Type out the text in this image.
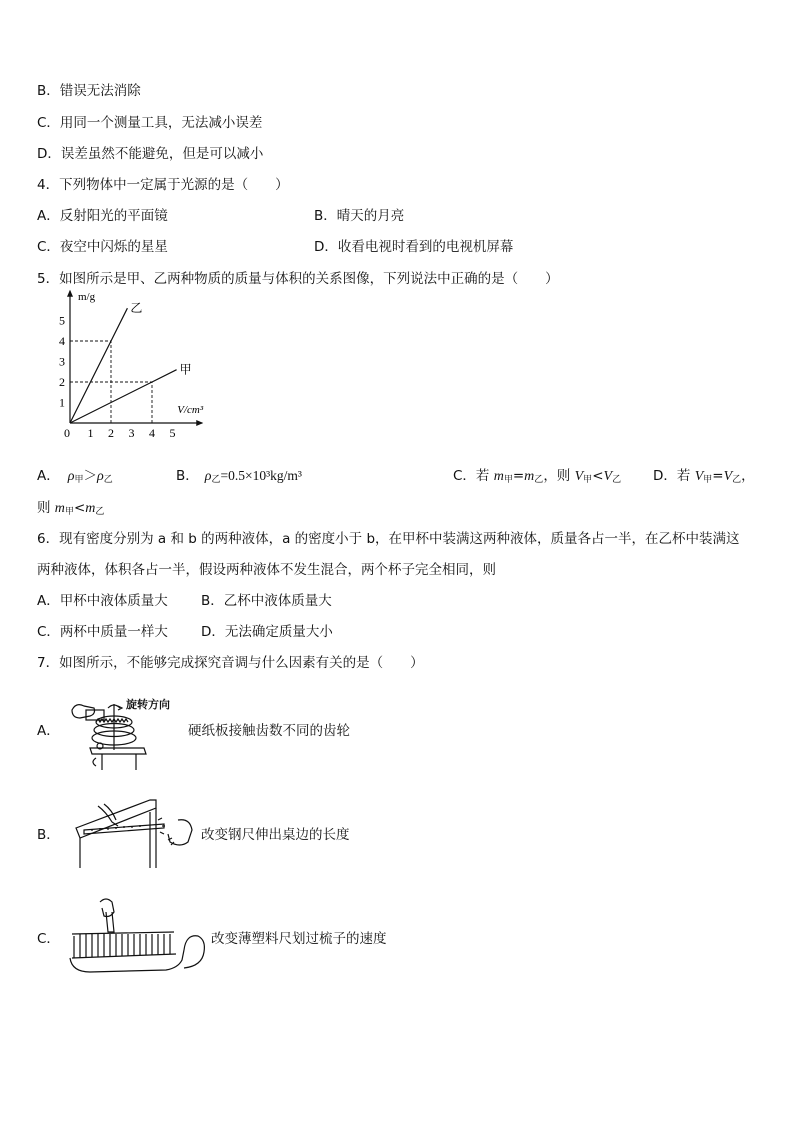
B．错误无法消除
C．用同一个测量工具，无法减小误差
D．误差虽然不能避免，但是可以减小
4．下列物体中一定属于光源的是（　　）
A．反射阳光的平面镜	B．晴天的月亮
C．夜空中闪烁的星星	D．收看电视时看到的电视机屏幕
5．如图所示是甲、乙两种物质的质量与体积的关系图像，下列说法中正确的是（　　）
0 1 2 3 4 5
1
2
3
4
5
m/g
V/cm³
乙
甲
A． $\rho_甲>\rho_乙$	B． $\rho_乙=0.5\times 10^3kg/m^3$	C．若 $m_甲=m_乙$，则 $V_甲<V_乙$ D．若 $V_甲=V_乙$，
则 $m_甲<m_乙$
6．现有密度分别为 a 和 b 的两种液体，a 的密度小于 b，在甲杯中装满这两种液体，质量各占一半，在乙杯中装满这
两种液体，体积各占一半，假设两种液体不发生混合，两个杯子完全相同，则
A．甲杯中液体质量大 B．乙杯中液体质量大
C．两杯中质量一样大 D．无法确定质量大小
7．如图所示，不能够完成探究音调与什么因素有关的是（　　）
A．
旋转方向
硬纸板接触齿数不同的齿轮
B．	改变钢尺伸出桌边的长度
C．	改变薄塑料尺划过梳子的速度
